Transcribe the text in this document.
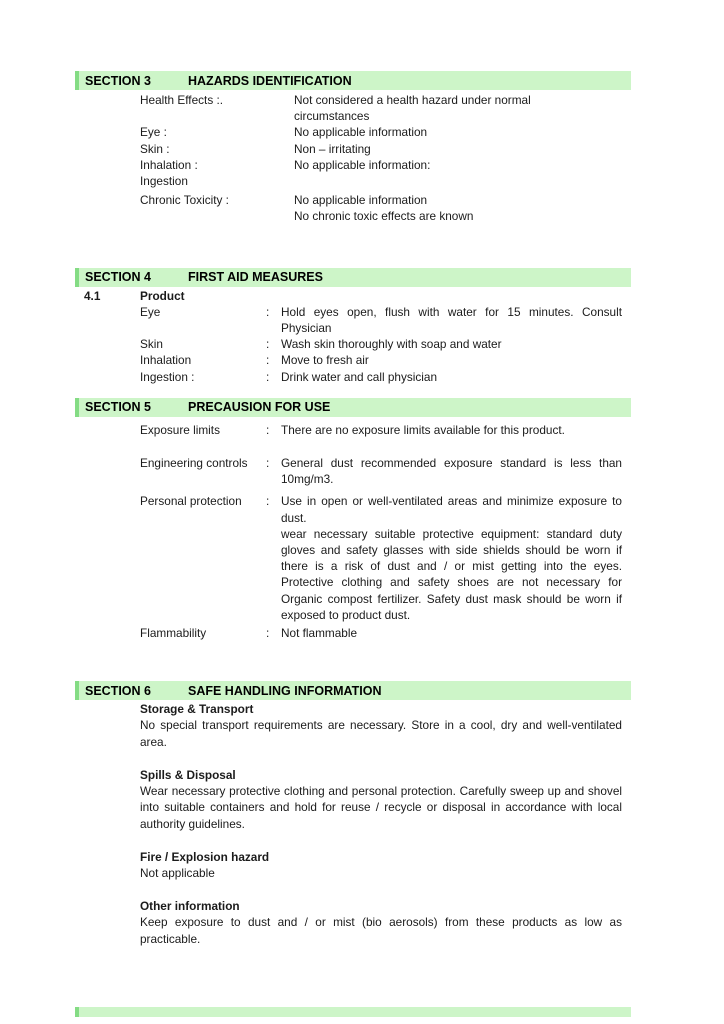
SECTION 3	HAZARDS IDENTIFICATION
Health Effects :.	Not considered a health hazard under normal circumstances
Eye :	No applicable information
Skin :	Non – irritating
Inhalation :	No applicable information:
Ingestion
Chronic Toxicity :	No applicable information
No chronic toxic effects are known
SECTION 4	FIRST AID MEASURES
4.1	Product
Eye	: Hold eyes open, flush with water for 15 minutes. Consult Physician
Skin	: Wash skin thoroughly with soap and water
Inhalation	: Move to fresh air
Ingestion :	: Drink water and call physician
SECTION 5	PRECAUSION FOR USE
Exposure limits	: There are no exposure limits available for this product.
Engineering controls	: General dust recommended exposure standard is less than 10mg/m3.
Personal protection	: Use in open or well-ventilated areas and minimize exposure to dust.
wear necessary suitable protective equipment: standard duty gloves and safety glasses with side shields should be worn if there is a risk of dust and / or mist getting into the eyes. Protective clothing and safety shoes are not necessary for Organic compost fertilizer. Safety dust mask should be worn if exposed to product dust.
Flammability	: Not flammable
SECTION 6	SAFE HANDLING INFORMATION
Storage & Transport
No special transport requirements are necessary. Store in a cool, dry and well-ventilated area.
Spills & Disposal
Wear necessary protective clothing and personal protection. Carefully sweep up and shovel into suitable containers and hold for reuse / recycle or disposal in accordance with local authority guidelines.
Fire / Explosion hazard
Not applicable
Other information
Keep exposure to dust and / or mist (bio aerosols) from these products as low as practicable.
